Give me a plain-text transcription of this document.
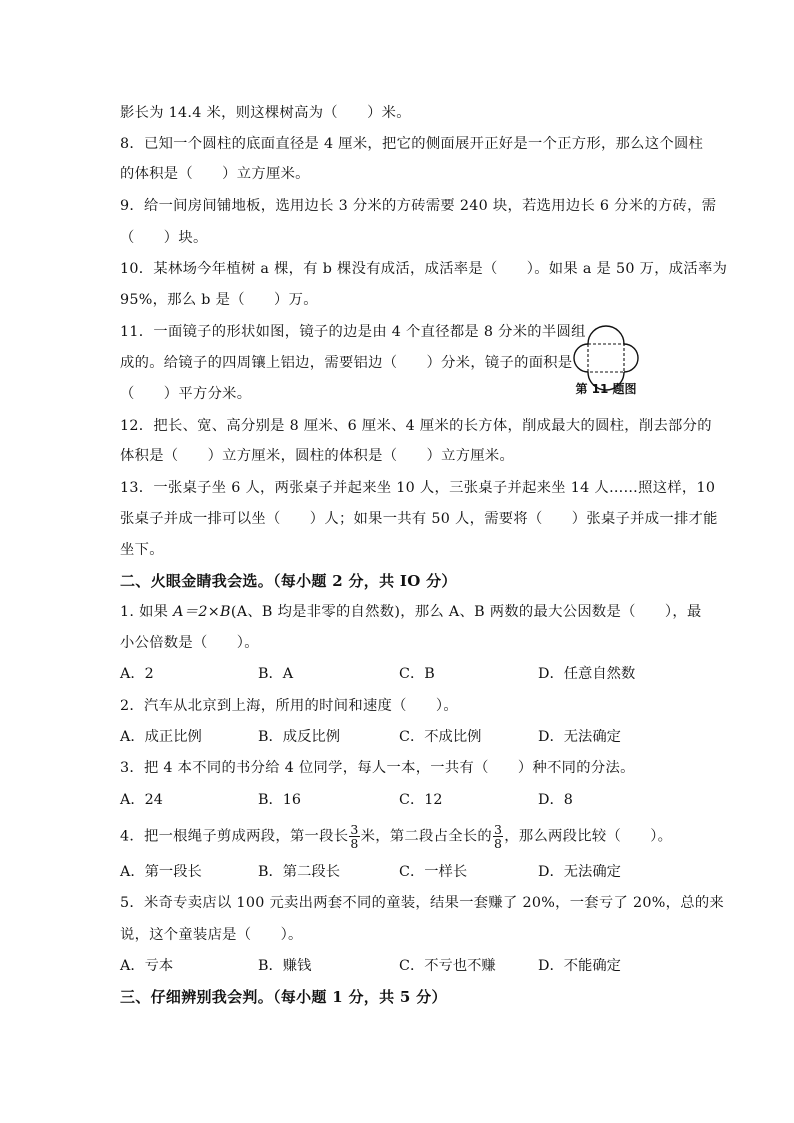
影长为 14.4 米，则这棵树高为（　　）米。
8．已知一个圆柱的底面直径是 4 厘米，把它的侧面展开正好是一个正方形，那么这个圆柱
的体积是（　　）立方厘米。
9．给一间房间铺地板，选用边长 3 分米的方砖需要 240 块，若选用边长 6 分米的方砖，需
（　　）块。
10．某林场今年植树 a 棵，有 b 棵没有成活，成活率是（　　）。如果 a 是 50 万，成活率为
95%，那么 b 是（　　）万。
11．一面镜子的形状如图，镜子的边是由 4 个直径都是 8 分米的半圆组
成的。给镜子的四周镶上铝边，需要铝边（　　）分米，镜子的面积是
（　　）平方分米。	第 11 题图
12．把长、宽、高分别是 8 厘米、6 厘米、4 厘米的长方体，削成最大的圆柱，削去部分的
体积是（　　）立方厘米，圆柱的体积是（　　）立方厘米。
13．一张桌子坐 6 人，两张桌子并起来坐 10 人，三张桌子并起来坐 14 人……照这样，10
张桌子并成一排可以坐（　　）人；如果一共有 50 人，需要将（　　）张桌子并成一排才能
坐下。
二、火眼金睛我会选。（每小题 2 分，共 IO 分）
1. 如果 A＝2×B(A、B 均是非零的自然数)，那么 A、B 两数的最大公因数是（　　），最
小公倍数是（　　）。
A．2	B．A	C．B	D．任意自然数
2．汽车从北京到上海，所用的时间和速度（　　）。
A．成正比例	B．成反比例	C．不成比例	D．无法确定
3．把 4 本不同的书分给 4 位同学，每人一本，一共有（　　）种不同的分法。
A．24	B．16	C．12	D．8
4．把一根绳子剪成两段，第一段长 $\frac{3}{8}$ 米，第二段占全长的 $\frac{3}{8}$ ，那么两段比较（　　）。
A．第一段长	B．第二段长	C．一样长	D．无法确定
5．米奇专卖店以 100 元卖出两套不同的童装，结果一套赚了 20%，一套亏了 20%，总的来
说，这个童装店是（　　）。
A．亏本	B．赚钱	C．不亏也不赚	D．不能确定
三、仔细辨别我会判。（每小题 1 分，共 5 分）
